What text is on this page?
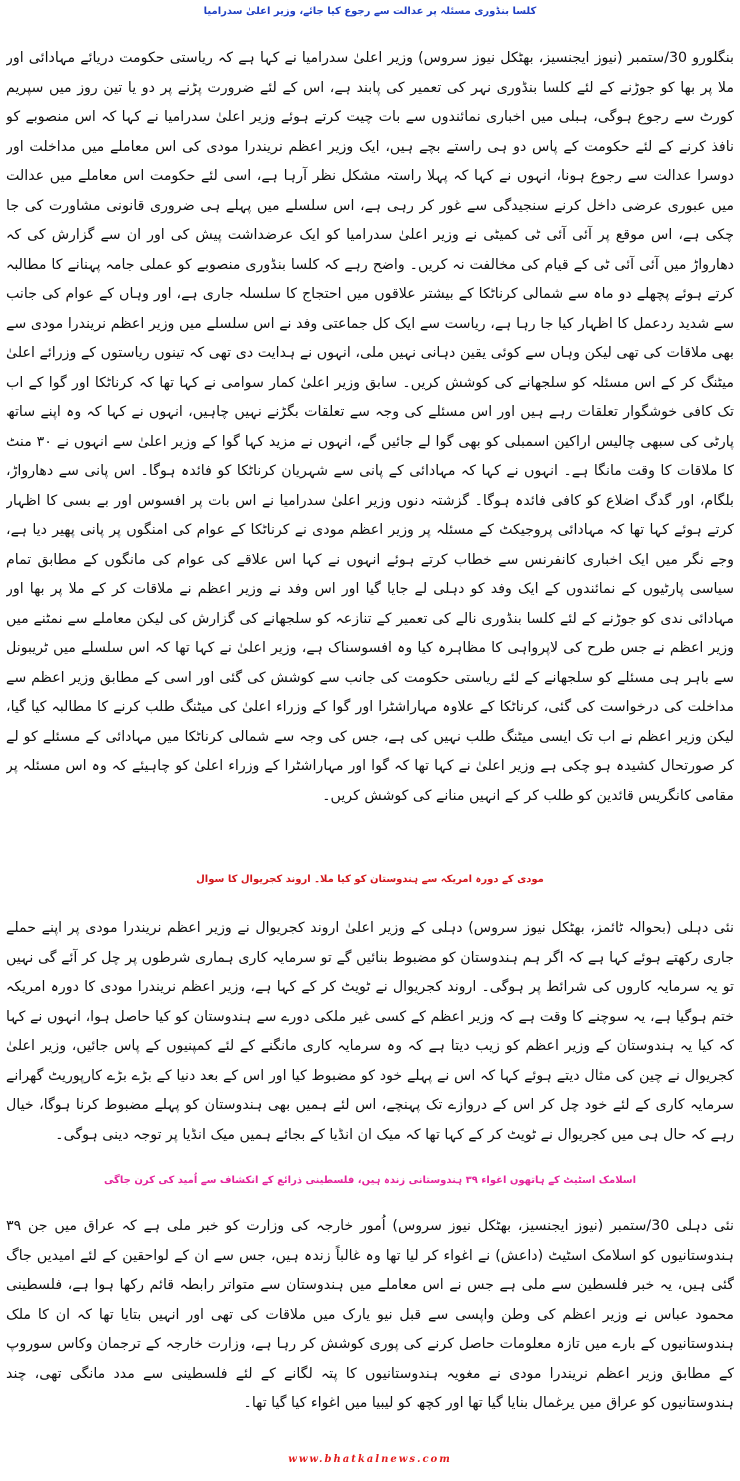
کلسا بنڈوری مسئلہ پر عدالت سے رجوع کیا جائے، وزیر اعلیٰ سدرامیا
بنگلورو 30/ستمبر (نیوز ایجنسیز، بھٹکل نیوز سروس) وزیر اعلیٰ سدرامیا نے کہا ہے کہ ریاستی حکومت دریائے مہادائی اور ملا پر بھا کو جوڑنے کے لئے کلسا بنڈوری نہر کی تعمیر کی پابند ہے، اس کے لئے ضرورت پڑنے پر دو یا تین روز میں سپریم کورٹ سے رجوع ہوگی، ہبلی میں اخباری نمائندوں سے بات چیت کرتے ہوئے وزیر اعلیٰ سدرامیا نے کہا کہ اس منصوبے کو نافذ کرنے کے لئے حکومت کے پاس دو ہی راستے بچے ہیں، ایک وزیر اعظم نریندرا مودی کی اس معاملے میں مداخلت اور دوسرا عدالت سے رجوع ہونا، انہوں نے کہا کہ پہلا راستہ مشکل نظر آرہا ہے، اسی لئے حکومت اس معاملے میں عدالت میں عبوری عرضی داخل کرنے سنجیدگی سے غور کر رہی ہے، اس سلسلے میں پہلے ہی ضروری قانونی مشاورت کی جا چکی ہے، اس موقع پر آئی آئی ٹی کمیٹی نے وزیر اعلیٰ سدرامیا کو ایک عرضداشت پیش کی اور ان سے گزارش کی کہ دھارواڑ میں آئی آئی ٹی کے قیام کی مخالفت نہ کریں۔ واضح رہے کہ کلسا بنڈوری منصوبے کو عملی جامہ پہنانے کا مطالبہ کرتے ہوئے پچھلے دو ماہ سے شمالی کرناٹکا کے بیشتر علاقوں میں احتجاج کا سلسلہ جاری ہے، اور وہاں کے عوام کی جانب سے شدید ردعمل کا اظہار کیا جا رہا ہے، ریاست سے ایک کل جماعتی وفد نے اس سلسلے میں وزیر اعظم نریندرا مودی سے بھی ملاقات کی تھی لیکن وہاں سے کوئی یقین دہانی نہیں ملی، انہوں نے ہدایت دی تھی کہ تینوں ریاستوں کے وزرائے اعلیٰ میٹنگ کر کے اس مسئلہ کو سلجھانے کی کوشش کریں۔ سابق وزیر اعلیٰ کمار سوامی نے کہا تھا کہ کرناٹکا اور گوا کے اب تک کافی خوشگوار تعلقات رہے ہیں اور اس مسئلے کی وجہ سے تعلقات بگڑنے نہیں چاہیں، انہوں نے کہا کہ وہ اپنے ساتھ پارٹی کی سبھی چالیس اراکین اسمبلی کو بھی گوا لے جائیں گے، انہوں نے مزید کہا گوا کے وزیر اعلیٰ سے انہوں نے ۳۰ منٹ کا ملاقات کا وقت مانگا ہے۔ انہوں نے کہا کہ مہادائی کے پانی سے شہریان کرناٹکا کو فائدہ ہوگا۔ اس پانی سے دھارواڑ، بلگام، اور گدگ اضلاع کو کافی فائدہ ہوگا۔ گزشتہ دنوں وزیر اعلیٰ سدرامیا نے اس بات پر افسوس اور بے بسی کا اظہار کرتے ہوئے کہا تھا کہ مہادائی پروجیکٹ کے مسئلہ پر وزیر اعظم مودی نے کرناٹکا کے عوام کی امنگوں پر پانی پھیر دیا ہے، وجے نگر میں ایک اخباری کانفرنس سے خطاب کرتے ہوئے انہوں نے کہا اس علاقے کی عوام کی مانگوں کے مطابق تمام سیاسی پارٹیوں کے نمائندوں کے ایک وفد کو دہلی لے جایا گیا اور اس وفد نے وزیر اعظم نے ملاقات کر کے ملا پر بھا اور مہادائی ندی کو جوڑنے کے لئے کلسا بنڈوری نالے کی تعمیر کے تنازعہ کو سلجھانے کی گزارش کی لیکن معاملے سے نمٹنے میں وزیر اعظم نے جس طرح کی لاپرواہی کا مظاہرہ کیا وہ افسوسناک ہے، وزیر اعلیٰ نے کہا تھا کہ اس سلسلے میں ٹریبونل سے باہر ہی مسئلے کو سلجھانے کے لئے ریاستی حکومت کی جانب سے کوشش کی گئی اور اسی کے مطابق وزیر اعظم سے مداخلت کی درخواست کی گئی، کرناٹکا کے علاوہ مہاراشٹرا اور گوا کے وزراء اعلیٰ کی میٹنگ طلب کرنے کا مطالبہ کیا گیا، لیکن وزیر اعظم نے اب تک ایسی میٹنگ طلب نہیں کی ہے، جس کی وجہ سے شمالی کرناٹکا میں مہادائی کے مسئلے کو لے کر صورتحال کشیدہ ہو چکی ہے وزیر اعلیٰ نے کہا تھا کہ گوا اور مہاراشٹرا کے وزراء اعلیٰ کو چاہیئے کہ وہ اس مسئلہ پر مقامی کانگریس قائدین کو طلب کر کے انہیں منانے کی کوشش کریں۔
مودی کے دورہ امریکہ سے ہندوستان کو کیا ملا۔ اروند کجریوال کا سوال
نئی دہلی (بحوالہ ٹائمز، بھٹکل نیوز سروس) دہلی کے وزیر اعلیٰ اروند کجریوال نے وزیر اعظم نریندرا مودی پر اپنے حملے جاری رکھتے ہوئے کہا ہے کہ اگر ہم ہندوستان کو مضبوط بنائیں گے تو سرمایہ کاری ہماری شرطوں پر چل کر آئے گی نہیں تو یہ سرمایہ کاروں کی شرائط پر ہوگی۔ اروند کجریوال نے ٹویٹ کر کے کہا ہے، وزیر اعظم نریندرا مودی کا دورہ امریکہ ختم ہوگیا ہے، یہ سوچنے کا وقت ہے کہ وزیر اعظم کے کسی غیر ملکی دورے سے ہندوستان کو کیا حاصل ہوا، انہوں نے کہا کہ کیا یہ ہندوستان کے وزیر اعظم کو زیب دیتا ہے کہ وہ سرمایہ کاری مانگنے کے لئے کمپنیوں کے پاس جائیں، وزیر اعلیٰ کجریوال نے چین کی مثال دیتے ہوئے کہا کہ اس نے پہلے خود کو مضبوط کیا اور اس کے بعد دنیا کے بڑے بڑے کارپوریٹ گھرانے سرمایہ کاری کے لئے خود چل کر اس کے دروازے تک پہنچے، اس لئے ہمیں بھی ہندوستان کو پہلے مضبوط کرنا ہوگا، خیال رہے کہ حال ہی میں کجریوال نے ٹویٹ کر کے کہا تھا کہ میک ان انڈیا کے بجائے ہمیں میک انڈیا پر توجہ دینی ہوگی۔
اسلامک اسٹیٹ کے ہاتھوں اغواء ۳۹ ہندوستانی زندہ ہیں، فلسطینی ذرائع کے انکشاف سے اُمید کی کرن جاگی
نئی دہلی 30/ستمبر (نیوز ایجنسیز، بھٹکل نیوز سروس) اُمور خارجہ کی وزارت کو خبر ملی ہے کہ عراق میں جن ۳۹ ہندوستانیوں کو اسلامک اسٹیٹ (داعش) نے اغواء کر لیا تھا وہ غالباً زندہ ہیں، جس سے ان کے لواحقین کے لئے امیدیں جاگ گئی ہیں، یہ خبر فلسطین سے ملی ہے جس نے اس معاملے میں ہندوستان سے متواتر رابطہ قائم رکھا ہوا ہے، فلسطینی محمود عباس نے وزیر اعظم کی وطن واپسی سے قبل نیو یارک میں ملاقات کی تھی اور انہیں بتایا تھا کہ ان کا ملک ہندوستانیوں کے بارے میں تازہ معلومات حاصل کرنے کی پوری کوشش کر رہا ہے، وزارت خارجہ کے ترجمان وکاس سوروپ کے مطابق وزیر اعظم نریندرا مودی نے مغویہ ہندوستانیوں کا پتہ لگانے کے لئے فلسطینی سے مدد مانگی تھی، چند ہندوستانیوں کو عراق میں یرغمال بنایا گیا تھا اور کچھ کو لیبیا میں اغواء کیا گیا تھا۔
www.bhatkalnews.com
